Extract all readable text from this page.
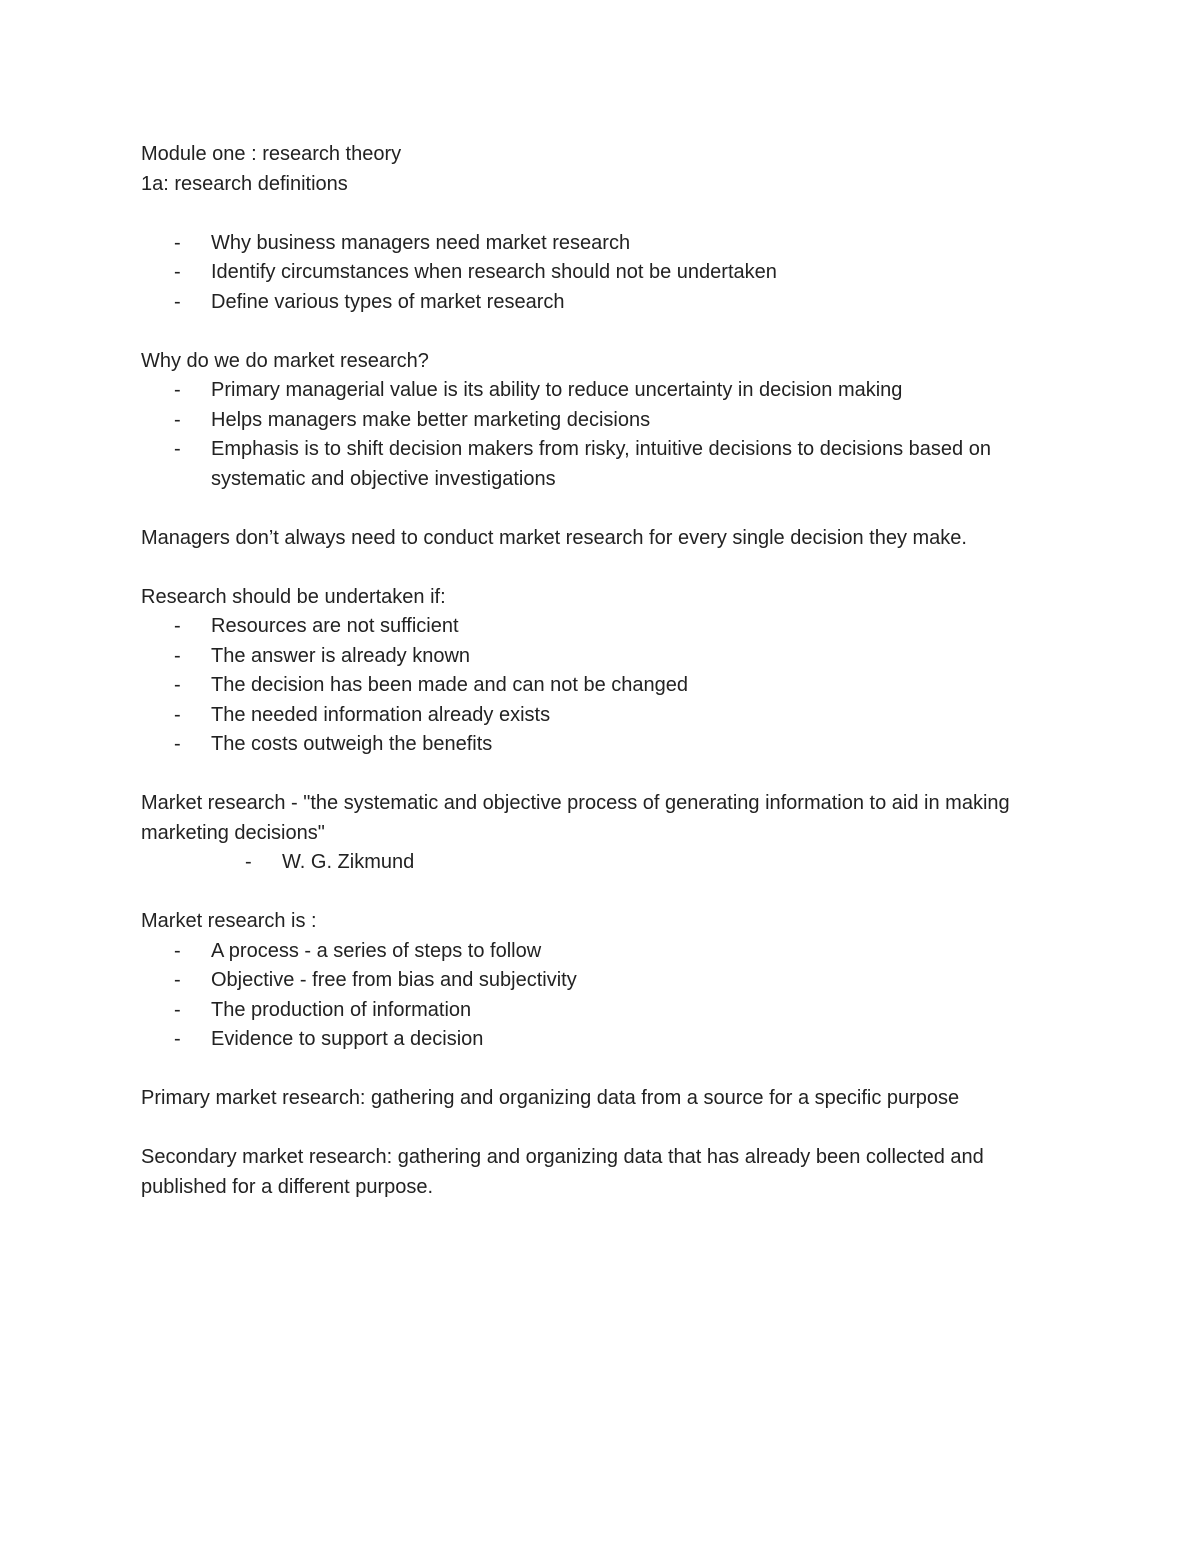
Module one : research theory

1a: research definitions

- Why business managers need market research
- Identify circumstances when research should not be undertaken
- Define various types of market research

Why do we do market research?

- Primary managerial value is its ability to reduce uncertainty in decision making
- Helps managers make better marketing decisions
- Emphasis is to shift decision makers from risky, intuitive decisions to decisions based on systematic and objective investigations

Managers don’t always need to conduct market research for every single decision they make.

Research should be undertaken if:

- Resources are not sufficient
- The answer is already known
- The decision has been made and can not be changed
- The needed information already exists
- The costs outweigh the benefits

Market research - "the systematic and objective process of generating information to aid in making marketing decisions"

- W. G. Zikmund

Market research is :

- A process - a series of steps to follow
- Objective - free from bias and subjectivity
- The production of information
- Evidence to support a decision

Primary market research: gathering and organizing data from a source for a specific purpose

Secondary market research: gathering and organizing data that has already been collected and published for a different purpose.
